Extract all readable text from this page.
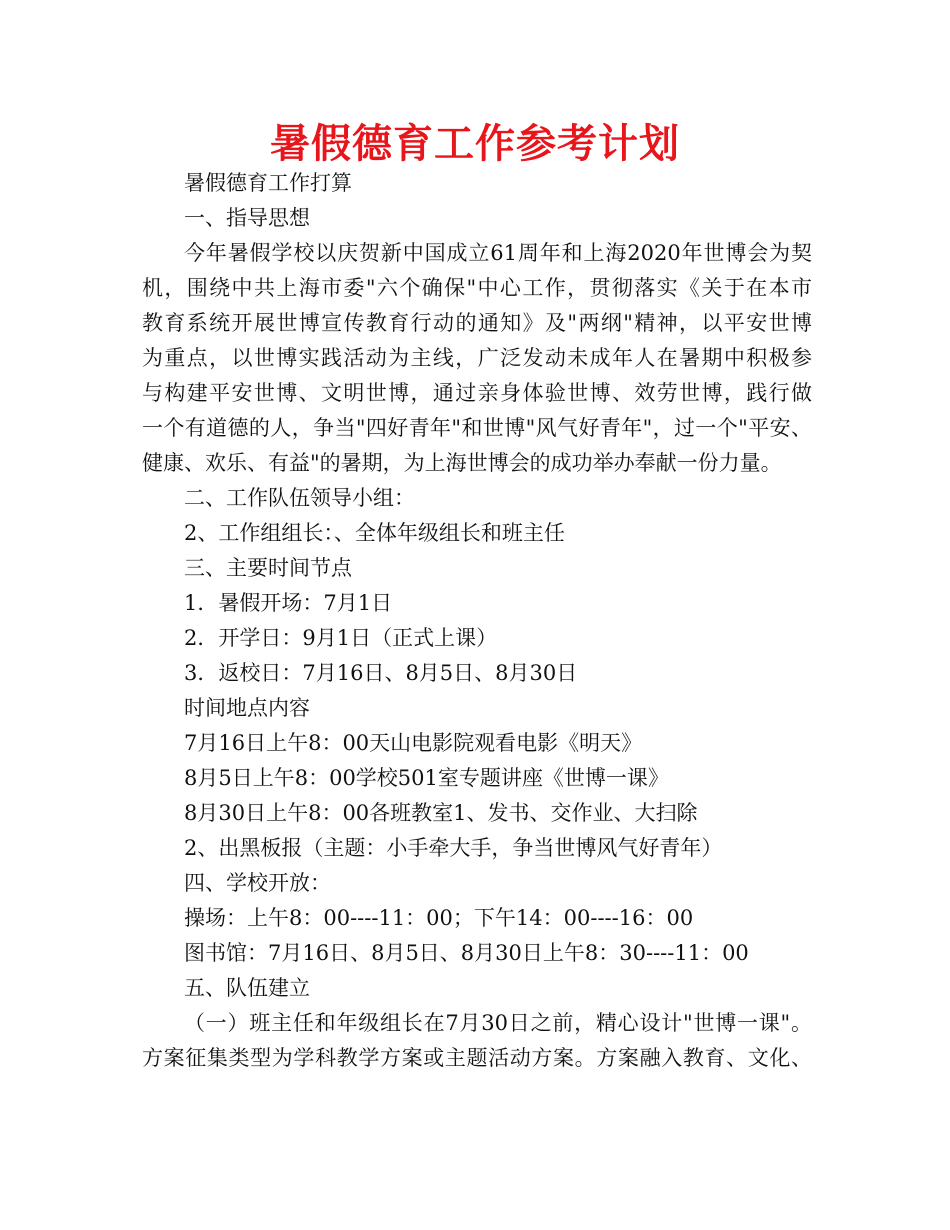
暑假德育工作参考计划
暑假德育工作打算
一、指导思想
今年暑假学校以庆贺新中国成立61周年和上海2020年世博会为契
机，围绕中共上海市委"六个确保"中心工作，贯彻落实《关于在本市
教育系统开展世博宣传教育行动的通知》及"两纲"精神，以平安世博
为重点，以世博实践活动为主线，广泛发动未成年人在暑期中积极参
与构建平安世博、文明世博，通过亲身体验世博、效劳世博，践行做
一个有道德的人，争当"四好青年"和世博"风气好青年"，过一个"平安、
健康、欢乐、有益"的暑期，为上海世博会的成功举办奉献一份力量。
二、工作队伍领导小组：
2、工作组组长：、全体年级组长和班主任
三、主要时间节点
1．暑假开场：7月1日
2．开学日：9月1日（正式上课）
3．返校日：7月16日、8月5日、8月30日
时间地点内容
7月16日上午8：00天山电影院观看电影《明天》
8月5日上午8：00学校501室专题讲座《世博一课》
8月30日上午8：00各班教室1、发书、交作业、大扫除
2、出黑板报（主题：小手牵大手，争当世博风气好青年）
四、学校开放：
操场：上午8：00----11：00；下午14：00----16：00
图书馆：7月16日、8月5日、8月30日上午8：30----11：00
五、队伍建立
（一）班主任和年级组长在7月30日之前，精心设计"世博一课"。
方案征集类型为学科教学方案或主题活动方案。方案融入教育、文化、
